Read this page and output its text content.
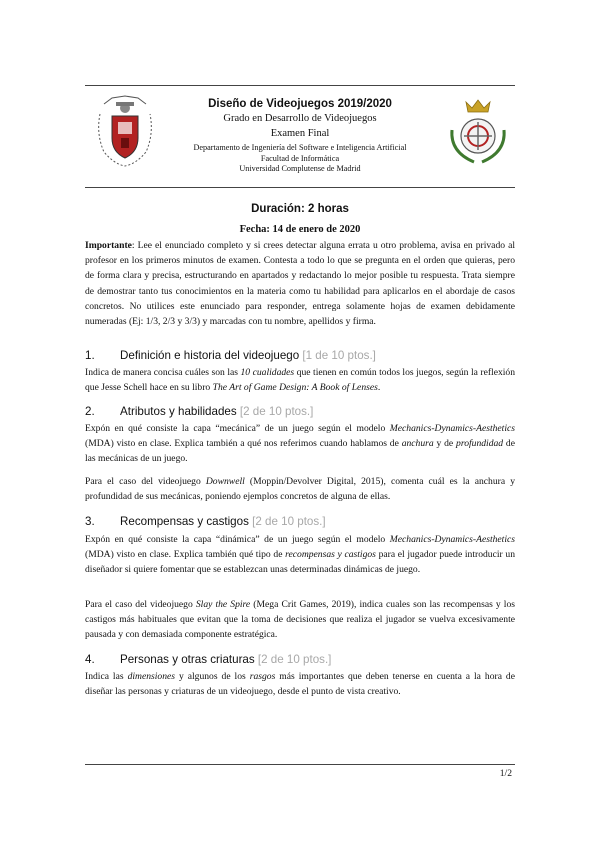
Diseño de Videojuegos 2019/2020
Grado en Desarrollo de Videojuegos
Examen Final
Departamento de Ingeniería del Software e Inteligencia Artificial
Facultad de Informática
Universidad Complutense de Madrid
Duración: 2 horas
Fecha: 14 de enero de 2020
Importante: Lee el enunciado completo y si crees detectar alguna errata u otro problema, avisa en privado al profesor en los primeros minutos de examen. Contesta a todo lo que se pregunta en el orden que quieras, pero de forma clara y precisa, estructurando en apartados y redactando lo mejor posible tu respuesta. Trata siempre de demostrar tanto tus conocimientos en la materia como tu habilidad para aplicarlos en el abordaje de casos concretos. No utilices este enunciado para responder, entrega solamente hojas de examen debidamente numeradas (Ej: 1/3, 2/3 y 3/3) y marcadas con tu nombre, apellidos y firma.
1. Definición e historia del videojuego [1 de 10 ptos.]
Indica de manera concisa cuáles son las 10 cualidades que tienen en común todos los juegos, según la reflexión que Jesse Schell hace en su libro The Art of Game Design: A Book of Lenses.
2. Atributos y habilidades [2 de 10 ptos.]
Expón en qué consiste la capa “mecánica” de un juego según el modelo Mechanics-Dynamics-Aesthetics (MDA) visto en clase. Explica también a qué nos referimos cuando hablamos de anchura y de profundidad de las mecánicas de un juego.
Para el caso del videojuego Downwell (Moppin/Devolver Digital, 2015), comenta cuál es la anchura y profundidad de sus mecánicas, poniendo ejemplos concretos de alguna de ellas.
3. Recompensas y castigos [2 de 10 ptos.]
Expón en qué consiste la capa “dinámica” de un juego según el modelo Mechanics-Dynamics-Aesthetics (MDA) visto en clase. Explica también qué tipo de recompensas y castigos para el jugador puede introducir un diseñador si quiere fomentar que se establezcan unas determinadas dinámicas de juego.
Para el caso del videojuego Slay the Spire (Mega Crit Games, 2019), indica cuales son las recompensas y los castigos más habituales que evitan que la toma de decisiones que realiza el jugador se vuelva excesivamente pausada y con demasiada componente estratégica.
4. Personas y otras criaturas [2 de 10 ptos.]
Indica las dimensiones y algunos de los rasgos más importantes que deben tenerse en cuenta a la hora de diseñar las personas y criaturas de un videojuego, desde el punto de vista creativo.
1/2
